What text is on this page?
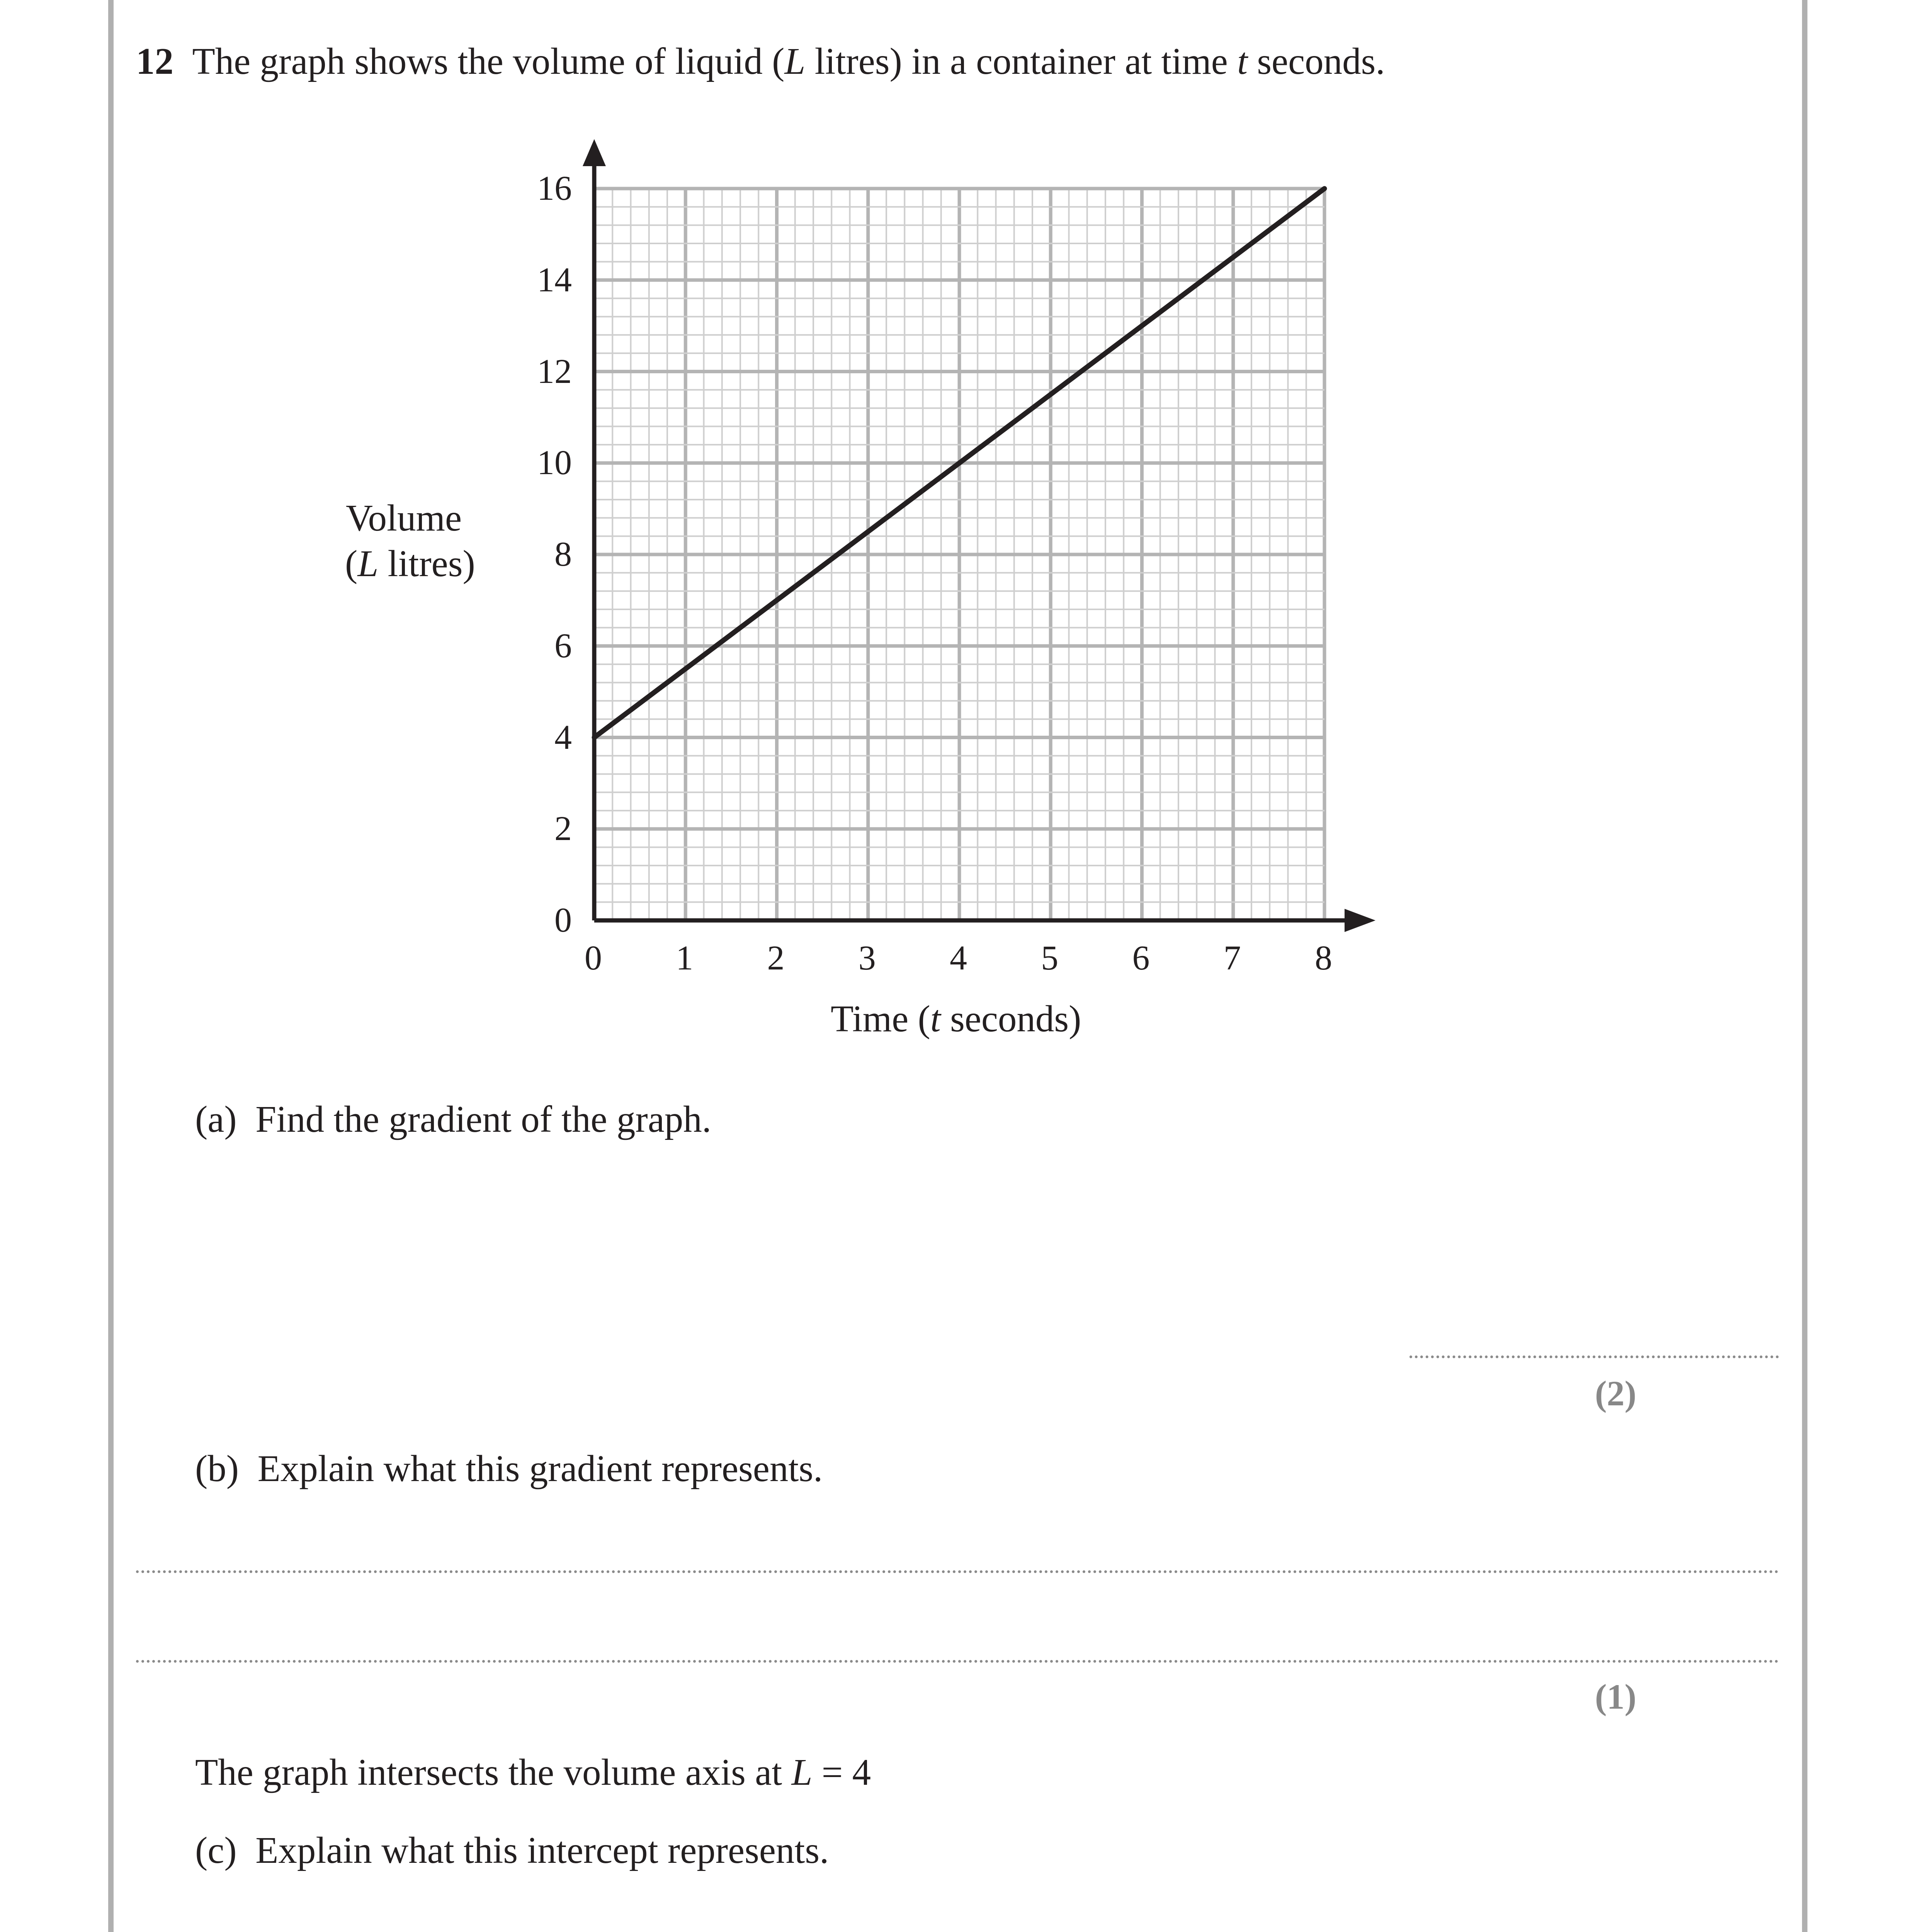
12 The graph shows the volume of liquid (L litres) in a container at time t seconds.
0 1 2 3 4 5 6 7 8
0
2
4
6
8
10
12
14
16
Volume
(L litres)
Time (t seconds)
(a) Find the gradient of the graph.
(2)
(b) Explain what this gradient represents.
(1)
The graph intersects the volume axis at L = 4
(c) Explain what this intercept represents.
